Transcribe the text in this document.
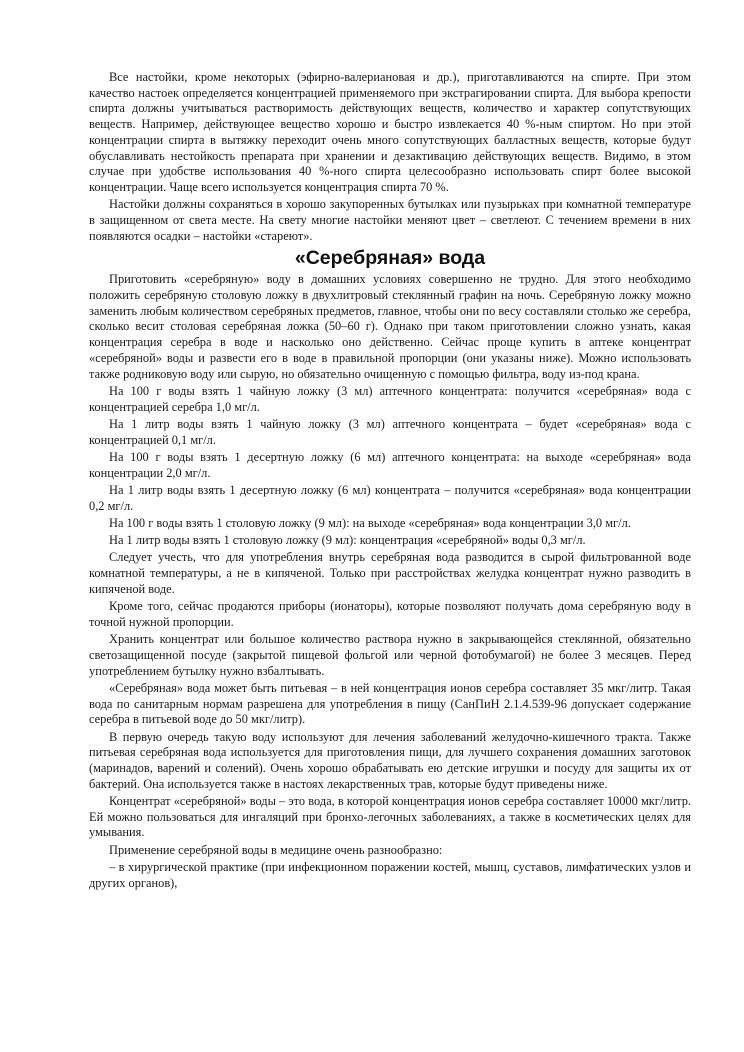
Все настойки, кроме некоторых (эфирно-валериановая и др.), приготавливаются на спирте. При этом качество настоек определяется концентрацией применяемого при экстрагировании спирта. Для выбора крепости спирта должны учитываться растворимость действующих веществ, количество и характер сопутствующих веществ. Например, действующее вещество хорошо и быстро извлекается 40 %-ным спиртом. Но при этой концентрации спирта в вытяжку переходит очень много сопутствующих балластных веществ, которые будут обуславливать нестойкость препарата при хранении и дезактивацию действующих веществ. Видимо, в этом случае при удобстве использования 40 %-ного спирта целесообразно использовать спирт более высокой концентрации. Чаще всего используется концентрация спирта 70 %.

Настойки должны сохраняться в хорошо закупоренных бутылках или пузырьках при комнатной температуре в защищенном от света месте. На свету многие настойки меняют цвет – светлеют. С течением времени в них появляются осадки – настойки «стареют».

«Серебряная» вода

Приготовить «серебряную» воду в домашних условиях совершенно не трудно. Для этого необходимо положить серебряную столовую ложку в двухлитровый стеклянный графин на ночь. Серебряную ложку можно заменить любым количеством серебряных предметов, главное, чтобы они по весу составляли столько же серебра, сколько весит столовая серебряная ложка (50–60 г). Однако при таком приготовлении сложно узнать, какая концентрация серебра в воде и насколько оно действенно. Сейчас проще купить в аптеке концентрат «серебряной» воды и развести его в воде в правильной пропорции (они указаны ниже). Можно использовать также родниковую воду или сырую, но обязательно очищенную с помощью фильтра, воду из-под крана.

На 100 г воды взять 1 чайную ложку (3 мл) аптечного концентрата: получится «серебряная» вода с концентрацией серебра 1,0 мг/л.

На 1 литр воды взять 1 чайную ложку (3 мл) аптечного концентрата – будет «серебряная» вода с концентрацией 0,1 мг/л.

На 100 г воды взять 1 десертную ложку (6 мл) аптечного концентрата: на выходе «серебряная» вода концентрации 2,0 мг/л.

На 1 литр воды взять 1 десертную ложку (6 мл) концентрата – получится «серебряная» вода концентрации 0,2 мг/л.

На 100 г воды взять 1 столовую ложку (9 мл): на выходе «серебряная» вода концентрации 3,0 мг/л.

На 1 литр воды взять 1 столовую ложку (9 мл): концентрация «серебряной» воды 0,3 мг/л.

Следует учесть, что для употребления внутрь серебряная вода разводится в сырой фильтрованной воде комнатной температуры, а не в кипяченой. Только при расстройствах желудка концентрат нужно разводить в кипяченой воде.

Кроме того, сейчас продаются приборы (ионаторы), которые позволяют получать дома серебряную воду в точной нужной пропорции.

Хранить концентрат или большое количество раствора нужно в закрывающейся стеклянной, обязательно светозащищенной посуде (закрытой пищевой фольгой или черной фотобумагой) не более 3 месяцев. Перед употреблением бутылку нужно взбалтывать.

«Серебряная» вода может быть питьевая – в ней концентрация ионов серебра составляет 35 мкг/литр. Такая вода по санитарным нормам разрешена для употребления в пищу (СанПиН 2.1.4.539-96 допускает содержание серебра в питьевой воде до 50 мкг/литр).

В первую очередь такую воду используют для лечения заболеваний желудочно-кишечного тракта. Также питьевая серебряная вода используется для приготовления пищи, для лучшего сохранения домашних заготовок (маринадов, варений и солений). Очень хорошо обрабатывать ею детские игрушки и посуду для защиты их от бактерий. Она используется также в настоях лекарственных трав, которые будут приведены ниже.

Концентрат «серебряной» воды – это вода, в которой концентрация ионов серебра составляет 10000 мкг/литр. Ей можно пользоваться для ингаляций при бронхо-легочных заболеваниях, а также в косметических целях для умывания.

Применение серебряной воды в медицине очень разнообразно:

– в хирургической практике (при инфекционном поражении костей, мышц, суставов, лимфатических узлов и других органов),
